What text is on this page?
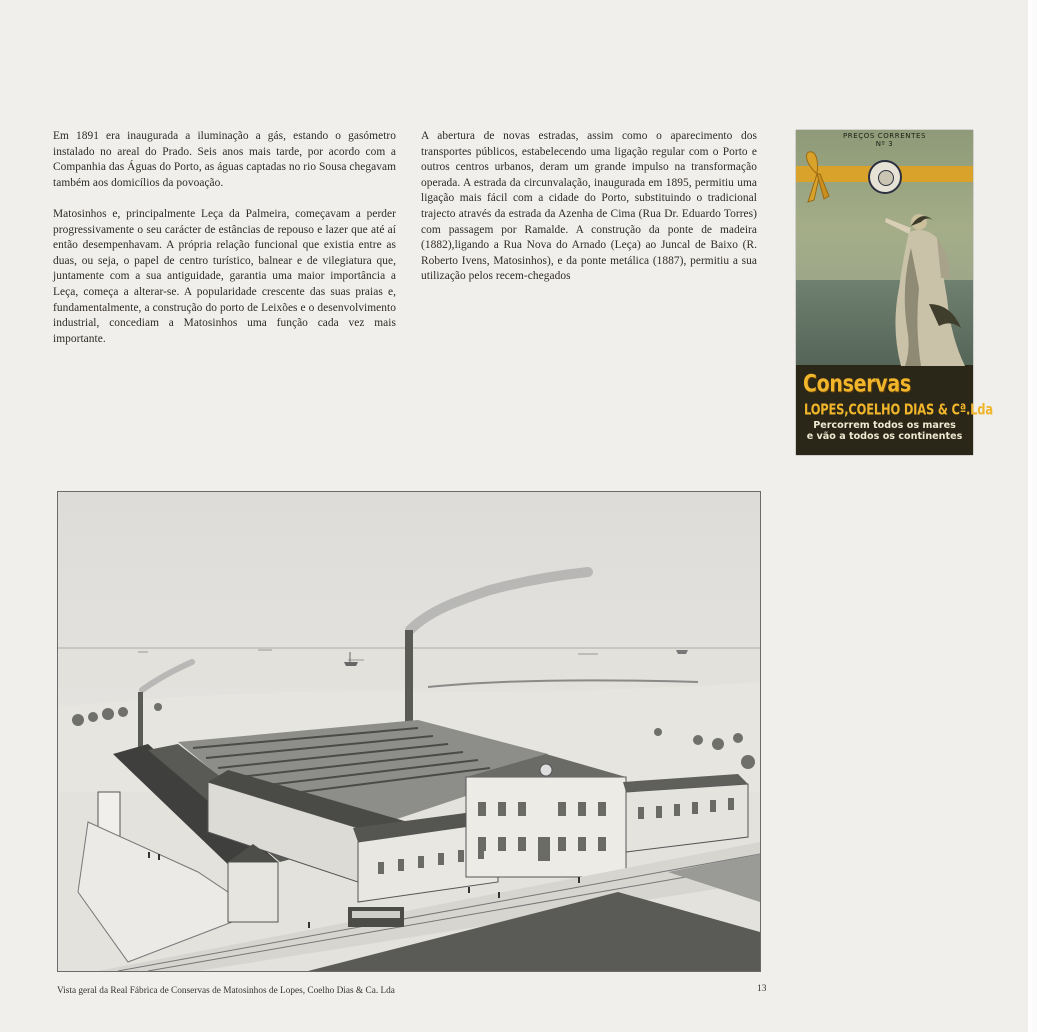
Em 1891 era inaugurada a iluminação a gás, estando o gasómetro instalado no areal do Prado. Seis anos mais tarde, por acordo com a Companhia das Águas do Porto, as águas captadas no rio Sousa chegavam também aos domicílios da povoação.

Matosinhos e, principalmente Leça da Palmeira, começavam a perder progressivamente o seu carácter de estâncias de repouso e lazer que até aí então desempenhavam. A própria relação funcional que existia entre as duas, ou seja, o papel de centro turístico, balnear e de vilegiatura que, juntamente com a sua antiguidade, garantia uma maior importância a Leça, começa a alterar-se. A popularidade crescente das suas praias e, fundamentalmente, a construção do porto de Leixões e o desenvolvimento industrial, concediam a Matosinhos uma função cada vez mais importante.

A abertura de novas estradas, assim como o aparecimento dos transportes públicos, estabelecendo uma ligação regular com o Porto e outros centros urbanos, deram um grande impulso na transformação operada. A estrada da circunvalação, inaugurada em 1895, permitiu uma ligação mais fácil com a cidade do Porto, substituindo o tradicional trajecto através da estrada da Azenha de Cima (Rua Dr. Eduardo Torres) com passagem por Ramalde. A construção da ponte de madeira (1882),ligando a Rua Nova do Arnado (Leça) ao Juncal de Baixo (R. Roberto Ivens, Matosinhos), e da ponte metálica (1887), permitiu a sua utilização pelos recem-chegados

PREÇOS CORRENTES
Nº 3
Conservas
LOPES,COELHO DIAS & Cª.Lda
Percorrem todos os mares
e vão a todos os continentes
Vista geral da Real Fábrica de Conservas de Matosinhos de Lopes, Coelho Dias & Ca. Lda	13
